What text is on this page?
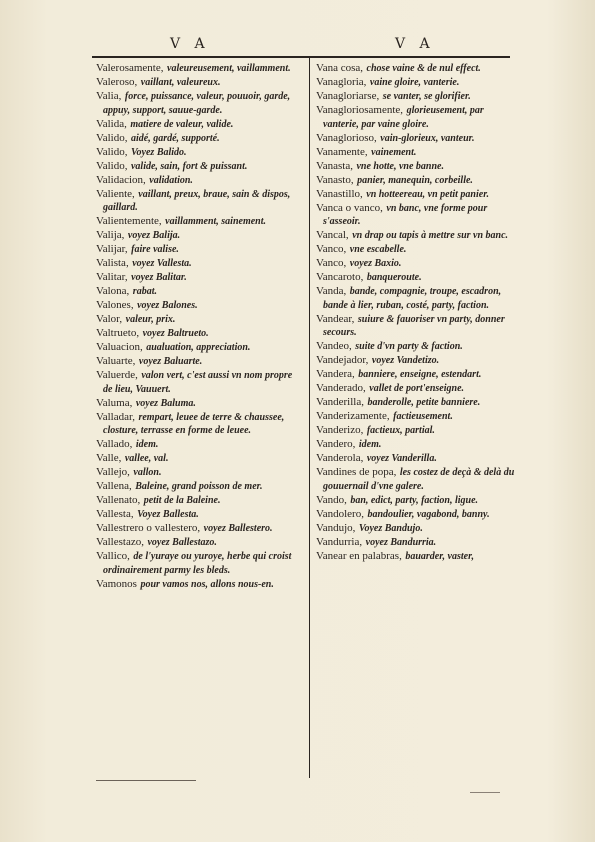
V A	V A
Valerosamente, valeureusement, vaillamment.
Valeroso, vaillant, valeureux.
Valia, force, puissance, valeur, pouuoir, garde, appuy, support, sauue-garde.
Valida, matiere de valeur, valide.
Valido, aidé, gardé, supporté.
Valido, Voyez Balido.
Valido, valide, sain, fort & puissant.
Validacion, validation.
Valiente, vaillant, preux, braue, sain & dispos, gaillard.
Valientemente, vaillamment, sainement.
Valija, voyez Balija.
Valijar, faire valise.
Valista, voyez Vallesta.
Valitar, voyez Balitar.
Valona, rabat.
Valones, voyez Balones.
Valor, valeur, prix.
Valtrueto, voyez Baltrueto.
Valuacion, aualuation, appreciation.
Valuarte, voyez Baluarte.
Valuerde, valon vert, c'est aussi vn nom propre de lieu, Vauuert.
Valuma, voyez Baluma.
Valladar, rempart, leuee de terre & chaussee, closture, terrasse en forme de leuee.
Vallado, idem.
Valle, vallee, val.
Vallejo, vallon.
Vallena, Baleine, grand poisson de mer.
Vallenato, petit de la Baleine.
Vallesta, Voyez Ballesta.
Vallestrero o vallestero, voyez Ballestero.
Vallestazo, voyez Ballestazo.
Vallico, de l'yuraye ou yuroye, herbe qui croist ordinairement parmy les bleds.
Vamonos pour vamos nos, allons nous-en.
Vana cosa, chose vaine & de nul effect.
Vanagloria, vaine gloire, vanterie.
Vanagloriarse, se vanter, se glorifier.
Vanagloriosamente, glorieusement, par vanterie, par vaine gloire.
Vanaglorioso, vain-glorieux, vanteur.
Vanamente, vainement.
Vanasta, vne hotte, vne banne.
Vanasto, panier, manequin, corbeille.
Vanastillo, vn hotteereau, vn petit panier.
Vanca o vanco, vn banc, vne forme pour s'asseoir.
Vancal, vn drap ou tapis à mettre sur vn banc.
Vanco, vne escabelle.
Vanco, voyez Baxio.
Vancaroto, banqueroute.
Vanda, bande, compagnie, troupe, escadron, bande à lier, ruban, costé, party, faction.
Vandear, suiure & fauoriser vn party, donner secours.
Vandeo, suite d'vn party & faction.
Vandejador, voyez Vandetizo.
Vandera, banniere, enseigne, estendart.
Vanderado, vallet de port'enseigne.
Vanderilla, banderolle, petite banniere.
Vanderizamente, factieusement.
Vanderizo, factieux, partial.
Vandero, idem.
Vanderola, voyez Vanderilla.
Vandines de popa, les costez de deçà & delà du gouuernail d'vne galere.
Vando, ban, edict, party, faction, ligue.
Vandolero, bandoulier, vagabond, banny.
Vandujo, Voyez Bandujo.
Vandurria, voyez Bandurria.
Vanear en palabras, bauarder, vaster,
